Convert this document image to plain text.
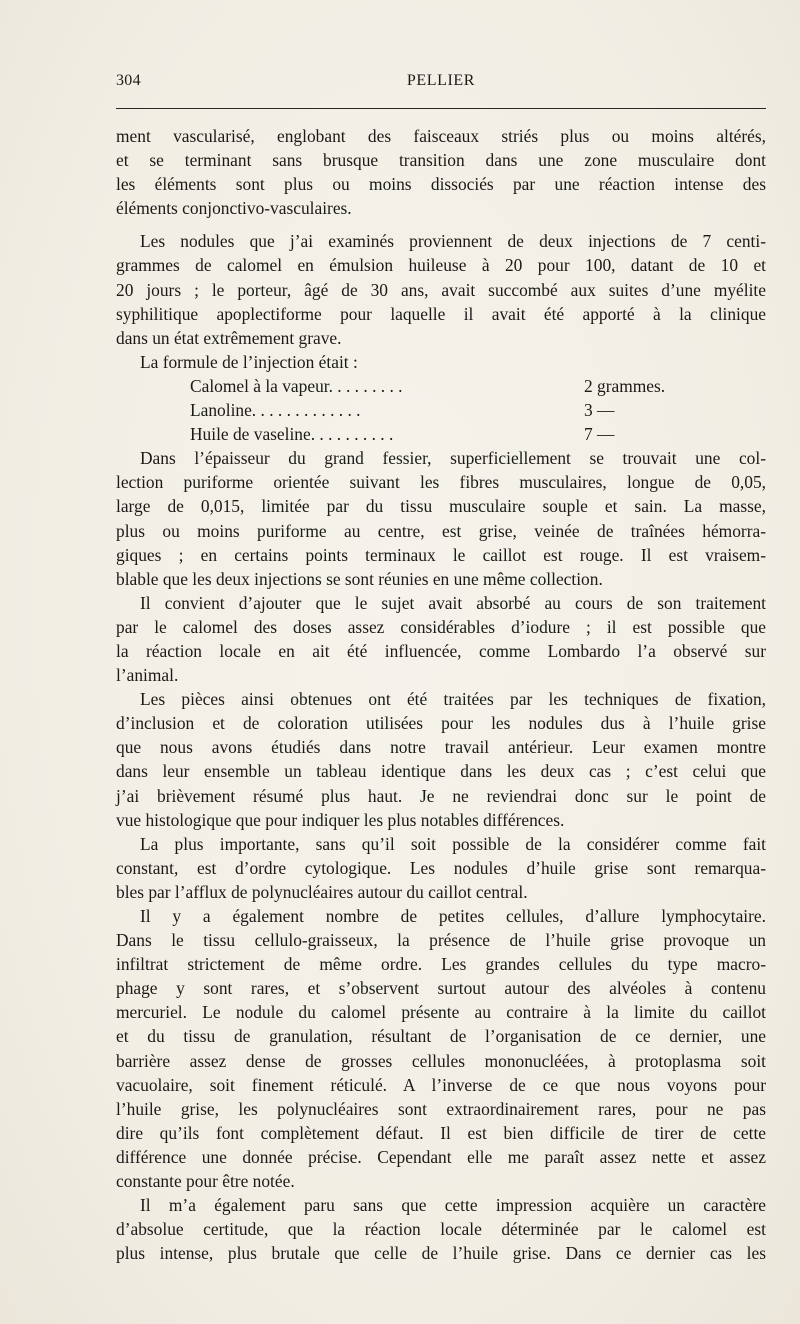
304	PELLIER
ment vascularisé, englobant des faisceaux striés plus ou moins altérés,
et se terminant sans brusque transition dans une zone musculaire dont
les éléments sont plus ou moins dissociés par une réaction intense des
éléments conjonctivo-vasculaires.
Les nodules que j’ai examinés proviennent de deux injections de 7 centi-
grammes de calomel en émulsion huileuse à 20 pour 100, datant de 10 et
20 jours ; le porteur, âgé de 30 ans, avait succombé aux suites d’une myélite
syphilitique apoplectiforme pour laquelle il avait été apporté à la clinique
dans un état extrêmement grave.
La formule de l’injection était :
Calomel à la vapeur. . . . . . . . .	2 grammes.
Lanoline. . . . . . . . . . . . .	3 —
Huile de vaseline. . . . . . . . . .	7 —
Dans l’épaisseur du grand fessier, superficiellement se trouvait une col-
lection puriforme orientée suivant les fibres musculaires, longue de 0,05,
large de 0,015, limitée par du tissu musculaire souple et sain. La masse,
plus ou moins puriforme au centre, est grise, veinée de traînées hémorra-
giques ; en certains points terminaux le caillot est rouge. Il est vraisem-
blable que les deux injections se sont réunies en une même collection.
Il convient d’ajouter que le sujet avait absorbé au cours de son traitement
par le calomel des doses assez considérables d’iodure ; il est possible que
la réaction locale en ait été influencée, comme Lombardo l’a observé sur
l’animal.
Les pièces ainsi obtenues ont été traitées par les techniques de fixation,
d’inclusion et de coloration utilisées pour les nodules dus à l’huile grise
que nous avons étudiés dans notre travail antérieur. Leur examen montre
dans leur ensemble un tableau identique dans les deux cas ; c’est celui que
j’ai brièvement résumé plus haut. Je ne reviendrai donc sur le point de
vue histologique que pour indiquer les plus notables différences.
La plus importante, sans qu’il soit possible de la considérer comme fait
constant, est d’ordre cytologique. Les nodules d’huile grise sont remarqua-
bles par l’afflux de polynucléaires autour du caillot central.
Il y a également nombre de petites cellules, d’allure lymphocytaire.
Dans le tissu cellulo-graisseux, la présence de l’huile grise provoque un
infiltrat strictement de même ordre. Les grandes cellules du type macro-
phage y sont rares, et s’observent surtout autour des alvéoles à contenu
mercuriel. Le nodule du calomel présente au contraire à la limite du caillot
et du tissu de granulation, résultant de l’organisation de ce dernier, une
barrière assez dense de grosses cellules mononucléées, à protoplasma soit
vacuolaire, soit finement réticulé. A l’inverse de ce que nous voyons pour
l’huile grise, les polynucléaires sont extraordinairement rares, pour ne pas
dire qu’ils font complètement défaut. Il est bien difficile de tirer de cette
différence une donnée précise. Cependant elle me paraît assez nette et assez
constante pour être notée.
Il m’a également paru sans que cette impression acquière un caractère
d’absolue certitude, que la réaction locale déterminée par le calomel est
plus intense, plus brutale que celle de l’huile grise. Dans ce dernier cas les
